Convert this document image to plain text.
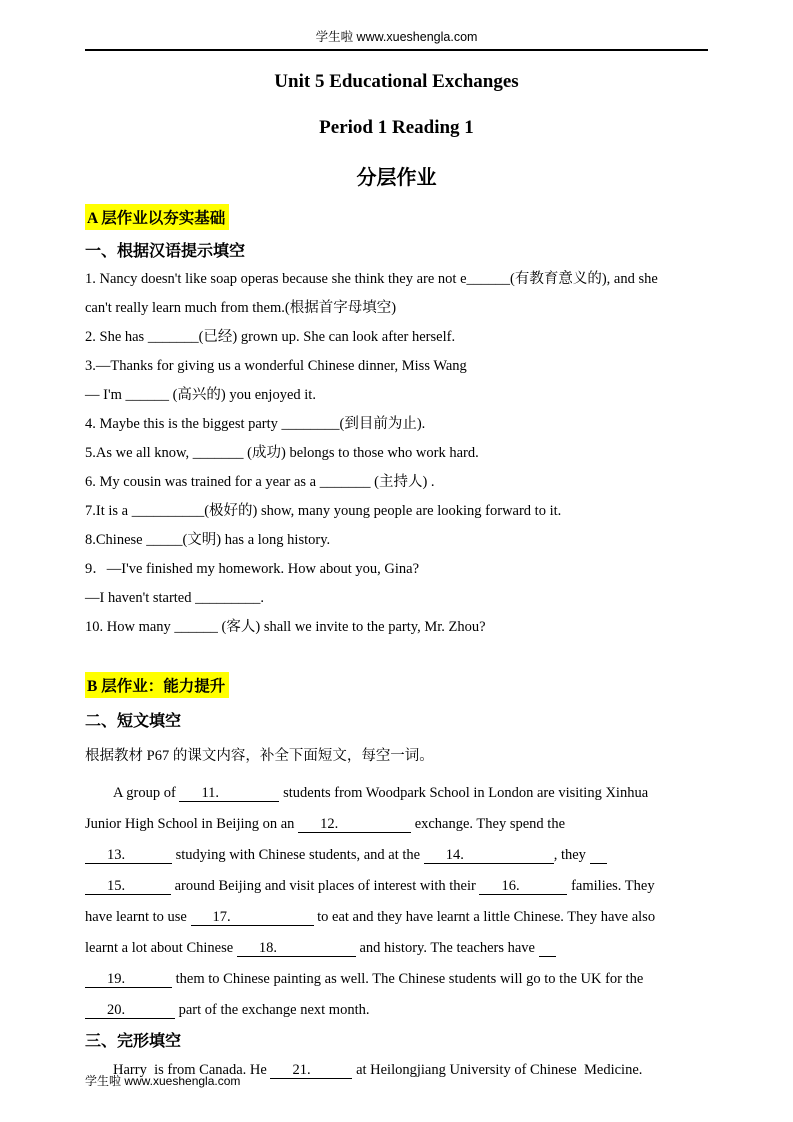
学生啦 www.xueshengla.com
Unit 5 Educational Exchanges
Period 1 Reading 1
分层作业
A 层作业以夯实基础
一、根据汉语提示填空
1. Nancy doesn't like soap operas because she think they are not e______(有教育意义的), and she
can't really learn much from them.(根据首字母填空)
2. She has _______(已经) grown up. She can look after herself.
3.—Thanks for giving us a wonderful Chinese dinner, Miss Wang
— I'm ______ (高兴的) you enjoyed it.
4. Maybe this is the biggest party ________(到目前为止).
5.As we all know, _______ (成功) belongs to those who work hard.
6. My cousin was trained for a year as a _______ (主持人) .
7.It is a __________(极好的) show, many young people are looking forward to it.
8.Chinese _____(文明) has a long history.
9．—I've finished my homework. How about you, Gina?
—I haven't started _________.
10. How many ______ (客人) shall we invite to the party, Mr. Zhou?
B 层作业：能力提升
二、短文填空
根据教材 P67 的课文内容，补全下面短文，每空一词。
A group of 11.	students from Woodpark School in London are visiting Xinhua
Junior High School in Beijing on an 12.	exchange. They spend the
13.	studying with Chinese students, and at the 14.	, they
15.	around Beijing and visit places of interest with their 16.	families. They
have learnt to use 17.	to eat and they have learnt a little Chinese. They have also
learnt a lot about Chinese 18.	and history. The teachers have
19.	them to Chinese painting as well. The Chinese students will go to the UK for the
20.	part of the exchange next month.
三、完形填空
Harry  is from Canada. He 21.	at Heilongjiang University of Chinese  Medicine.
学生啦 www.xueshengla.com
